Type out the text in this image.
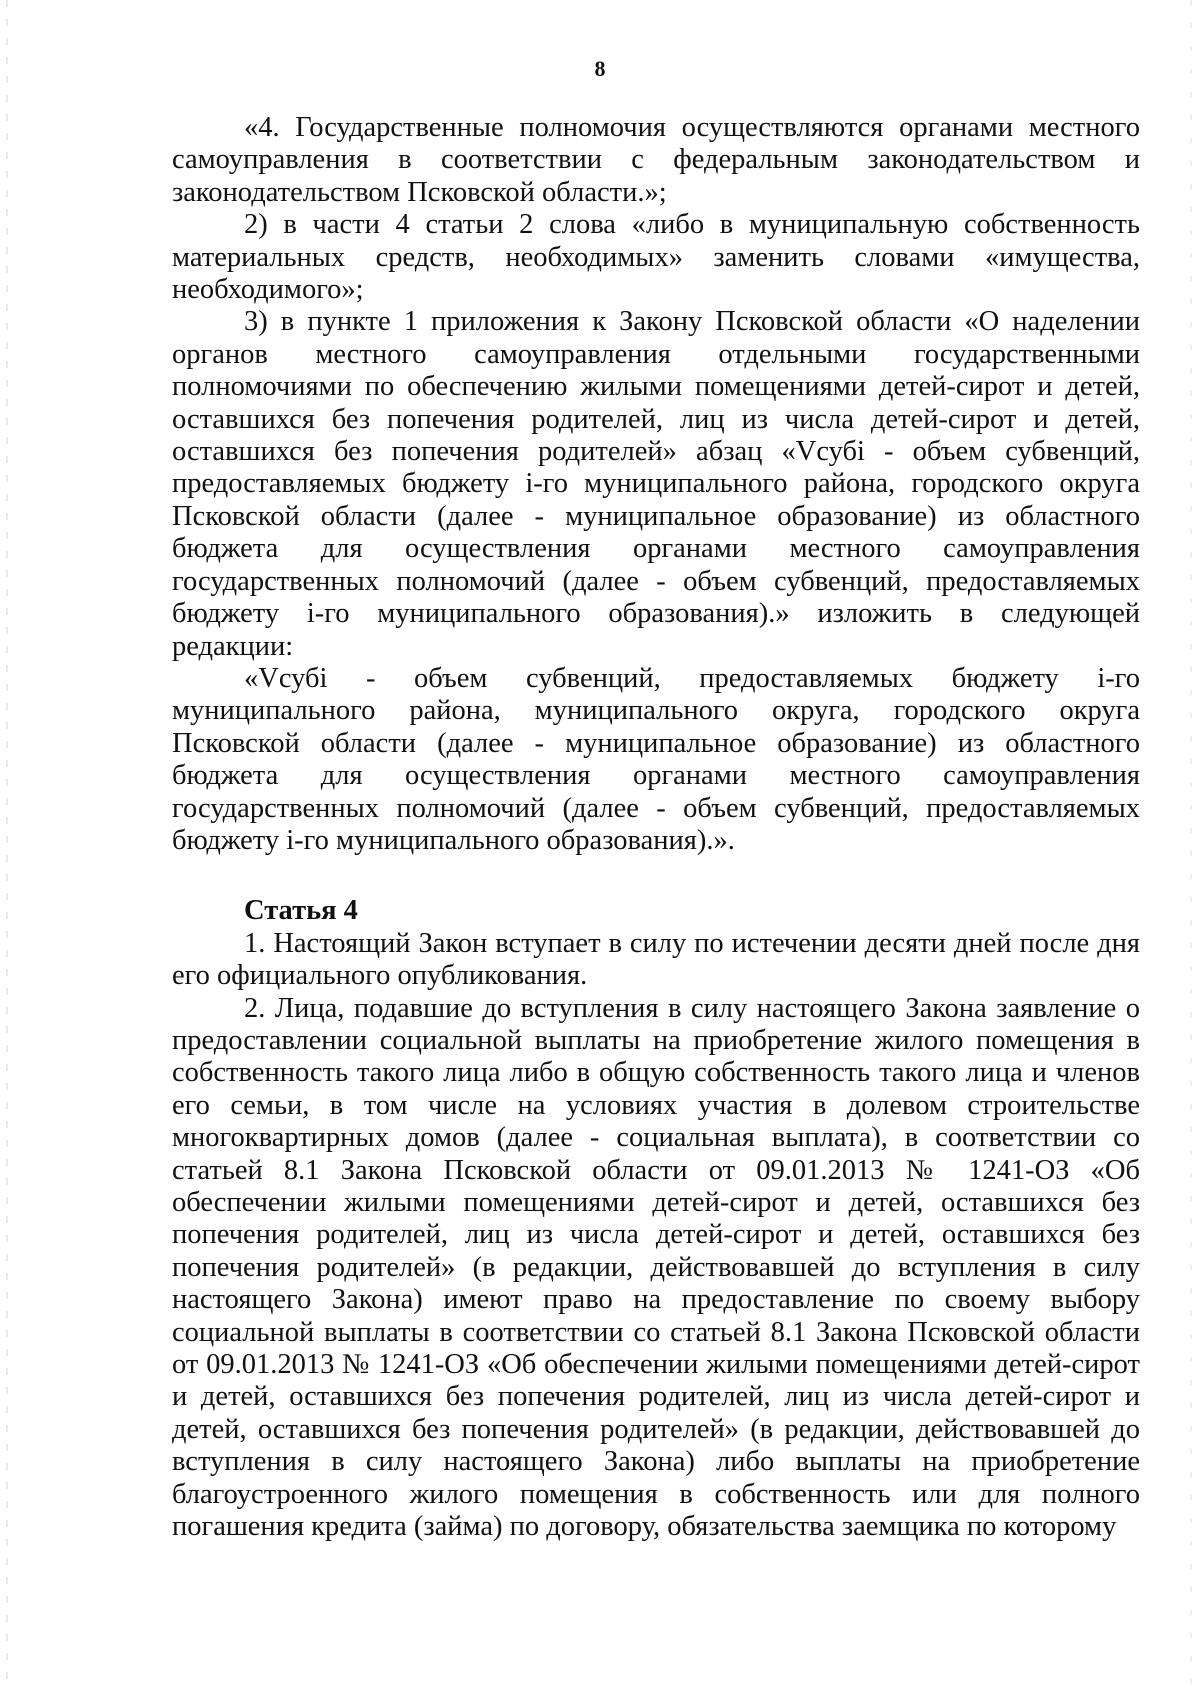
8

«4. Государственные полномочия осуществляются органами местного самоуправления в соответствии с федеральным законодательством и законодательством Псковской области.»;

2) в части 4 статьи 2 слова «либо в муниципальную собственность материальных средств, необходимых» заменить словами «имущества, необходимого»;

3) в пункте 1 приложения к Закону Псковской области «О наделении органов местного самоуправления отдельными государственными полномочиями по обеспечению жилыми помещениями детей-сирот и детей, оставшихся без попечения родителей, лиц из числа детей-сирот и детей, оставшихся без попечения родителей» абзац «Vсубi - объем субвенций, предоставляемых бюджету i-го муниципального района, городского округа Псковской области (далее - муниципальное образование) из областного бюджета для осуществления органами местного самоуправления государственных полномочий (далее - объем субвенций, предоставляемых бюджету i-го муниципального образования).» изложить в следующей редакции:

«Vсубi - объем субвенций, предоставляемых бюджету i-го муниципального района, муниципального округа, городского округа Псковской области (далее - муниципальное образование) из областного бюджета для осуществления органами местного самоуправления государственных полномочий (далее - объем субвенций, предоставляемых бюджету i-го муниципального образования).».

Статья 4

1. Настоящий Закон вступает в силу по истечении десяти дней после дня его официального опубликования.

2. Лица, подавшие до вступления в силу настоящего Закона заявление о предоставлении социальной выплаты на приобретение жилого помещения в собственность такого лица либо в общую собственность такого лица и членов его семьи, в том числе на условиях участия в долевом строительстве многоквартирных домов (далее - социальная выплата), в соответствии со статьей 8.1 Закона Псковской области от 09.01.2013 № 1241-ОЗ «Об обеспечении жилыми помещениями детей-сирот и детей, оставшихся без попечения родителей, лиц из числа детей-сирот и детей, оставшихся без попечения родителей» (в редакции, действовавшей до вступления в силу настоящего Закона) имеют право на предоставление по своему выбору социальной выплаты в соответствии со статьей 8.1 Закона Псковской области от 09.01.2013 № 1241-ОЗ «Об обеспечении жилыми помещениями детей-сирот и детей, оставшихся без попечения родителей, лиц из числа детей-сирот и детей, оставшихся без попечения родителей» (в редакции, действовавшей до вступления в силу настоящего Закона) либо выплаты на приобретение благоустроенного жилого помещения в собственность или для полного погашения кредита (займа) по договору, обязательства заемщика по которому
